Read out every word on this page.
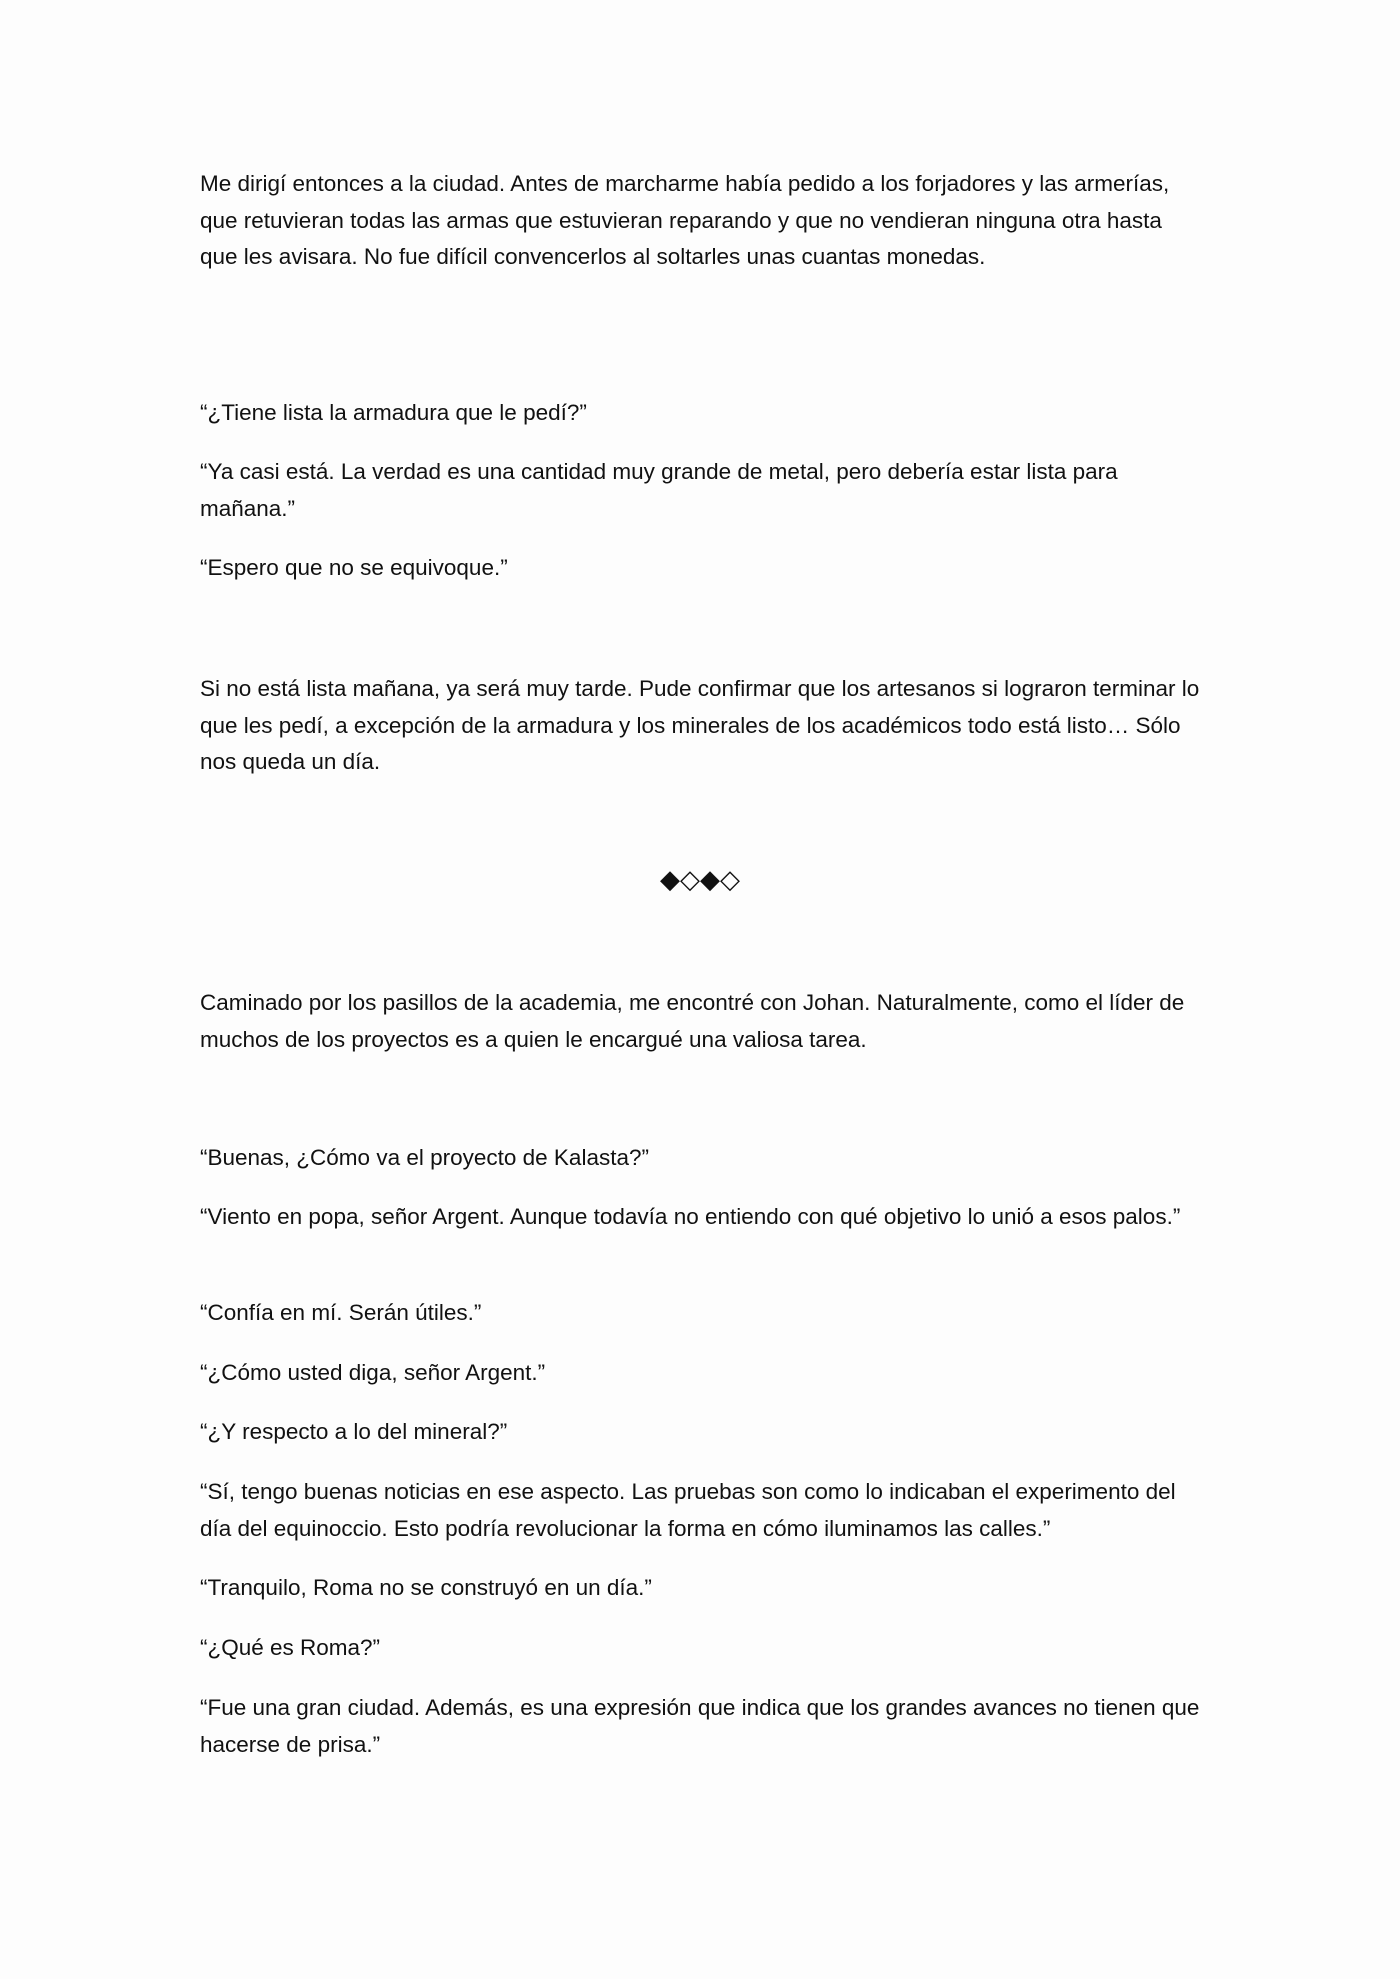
Me dirigí entonces a la ciudad. Antes de marcharme había pedido a los forjadores y las armerías, que retuvieran todas las armas que estuvieran reparando y que no vendieran ninguna otra hasta que les avisara. No fue difícil convencerlos al soltarles unas cuantas monedas.

“¿Tiene lista la armadura que le pedí?”

“Ya casi está. La verdad es una cantidad muy grande de metal, pero debería estar lista para mañana.”

“Espero que no se equivoque.”

Si no está lista mañana, ya será muy tarde. Pude confirmar que los artesanos si lograron terminar lo que les pedí, a excepción de la armadura y los minerales de los académicos todo está listo… Sólo nos queda un día.

◆◇◆◇

Caminado por los pasillos de la academia, me encontré con Johan. Naturalmente, como el líder de muchos de los proyectos es a quien le encargué una valiosa tarea.

“Buenas, ¿Cómo va el proyecto de Kalasta?”

“Viento en popa, señor Argent. Aunque todavía no entiendo con qué objetivo lo unió a esos palos.”

“Confía en mí. Serán útiles.”

“¿Cómo usted diga, señor Argent.”

“¿Y respecto a lo del mineral?”

“Sí, tengo buenas noticias en ese aspecto. Las pruebas son como lo indicaban el experimento del día del equinoccio. Esto podría revolucionar la forma en cómo iluminamos las calles.”

“Tranquilo, Roma no se construyó en un día.”

“¿Qué es Roma?”

“Fue una gran ciudad. Además, es una expresión que indica que los grandes avances no tienen que hacerse de prisa.”
